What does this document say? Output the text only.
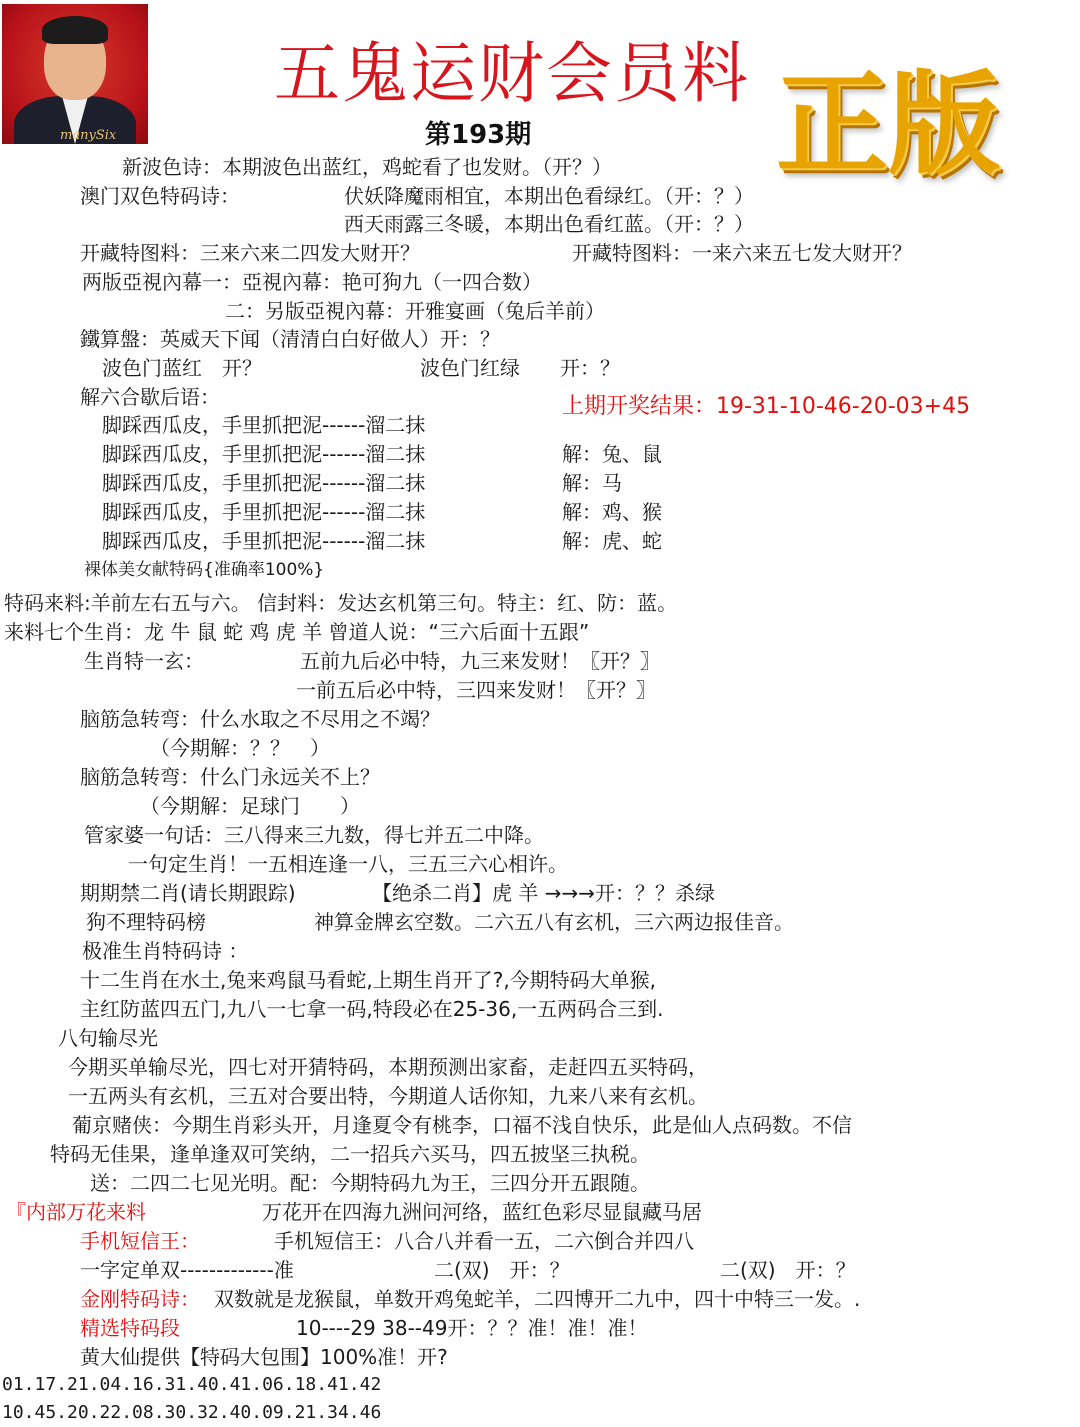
manySix
五鬼运财会员料
第193期 正版
新波色诗：本期波色出蓝红，鸡蛇看了也发财。（开？）
澳门双色特码诗：	伏妖降魔雨相宜，本期出色看绿红。（开：？）
西天雨露三冬暖，本期出色看红蓝。（开：？）
开藏特图料：三来六来二四发大财开？	开藏特图料：一来六来五七发大财开？
两版亞視內幕一：亞視內幕：艳可狗九（一四合数）
二：另版亞視內幕：开雅宴画（兔后羊前）
鐵算盤：英威天下闻（清清白白好做人）开：？
波色门蓝红　开？	波色门红绿　　开：？
解六合歇后语：	上期开奖结果：19-31-10-46-20-03+45
脚踩西瓜皮，手里抓把泥------溜二抹
脚踩西瓜皮，手里抓把泥------溜二抹	解：兔、鼠
脚踩西瓜皮，手里抓把泥------溜二抹	解：马
脚踩西瓜皮，手里抓把泥------溜二抹	解：鸡、猴
脚踩西瓜皮，手里抓把泥------溜二抹	解：虎、蛇
裸体美女献特码{准确率100%}
特码来料:羊前左右五与六。 信封料：发达玄机第三句。特主：红、防：蓝。
来料七个生肖：龙 牛 鼠 蛇 鸡 虎 羊 曾道人说：“三六后面十五跟”
生肖特一玄：	五前九后必中特，九三来发财！〖开？〗
一前五后必中特，三四来发财！〖开？〗
脑筋急转弯：什么水取之不尽用之不竭？
（今期解：？？　）
脑筋急转弯：什么门永远关不上？
（今期解：足球门　　）
管家婆一句话：三八得来三九数，得七并五二中降。
一句定生肖！一五相连逢一八，三五三六心相许。
期期禁二肖(请长期跟踪)	【绝杀二肖】虎 羊 →→→开：？？杀绿
狗不理特码榜	神算金牌玄空数。二六五八有玄机，三六两边报佳音。
极准生肖特码诗 ：
十二生肖在水土,兔来鸡鼠马看蛇,上期生肖开了?,今期特码大单猴,
主红防蓝四五门,九八一七拿一码,特段必在25-36,一五两码合三到.
八句输尽光
今期买单输尽光，四七对开猜特码，本期预测出家畜，走赶四五买特码，
一五两头有玄机，三五对合要出特，今期道人话你知，九来八来有玄机。
葡京赌侠：今期生肖彩头开，月逢夏令有桃李，口福不浅自快乐，此是仙人点码数。不信
特码无佳果，逢单逢双可笑纳，二一招兵六买马，四五披坚三执税。
送：二四二七见光明。配：今期特码九为王，三四分开五跟随。
『内部万花来料	万花开在四海九洲问河络，蓝红色彩尽显鼠藏马居
手机短信王：	手机短信王：八合八并看一五，二六倒合并四八
一字定单双-------------准	二(双)　开：？	二(双)　开：？
金刚特码诗： 双数就是龙猴鼠，单数开鸡兔蛇羊，二四博开二九中，四十中特三一发。.
精选特码段	10----29 38--49开：？？准！准！准！
黄大仙提供【特码大包围】100%准！开?
01.17.21.04.16.31.40.41.06.18.41.42
10.45.20.22.08.30.32.40.09.21.34.46
